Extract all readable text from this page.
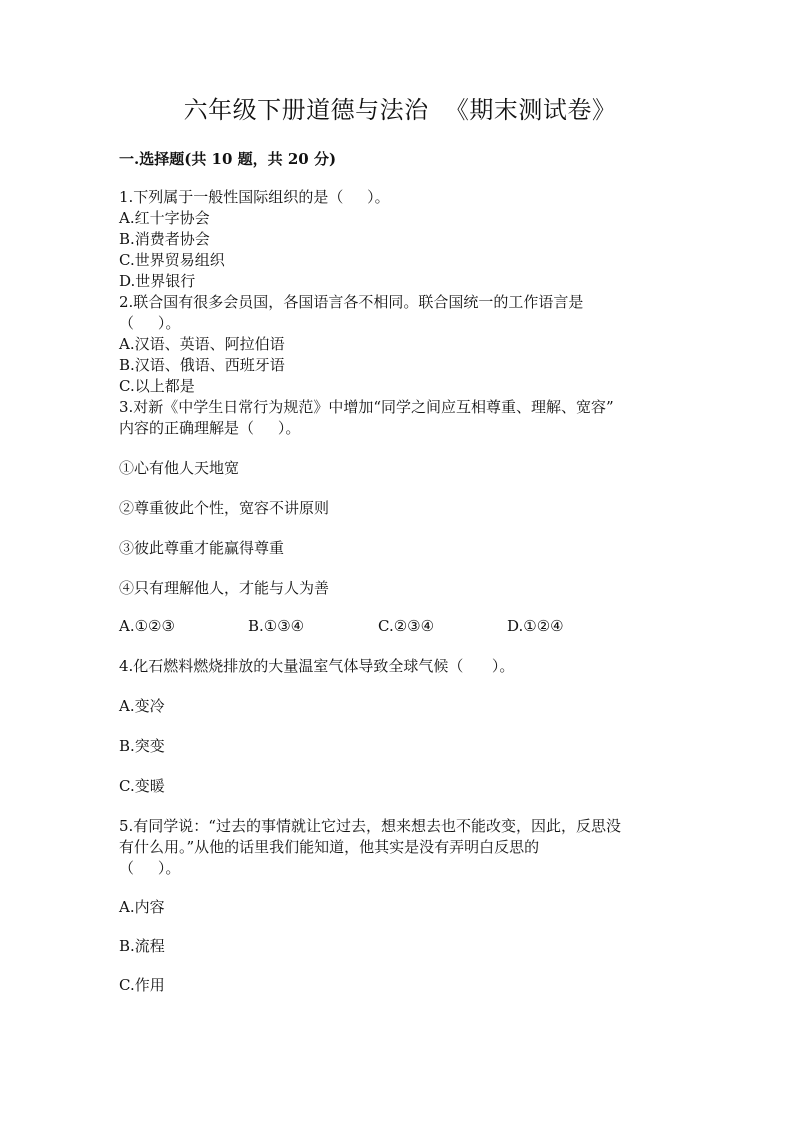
六年级下册道德与法治  《期末测试卷》
一.选择题(共 10 题，共 20 分)
1.下列属于一般性国际组织的是（     ）。
A.红十字协会
B.消费者协会
C.世界贸易组织
D.世界银行
2.联合国有很多会员国，各国语言各不相同。联合国统一的工作语言是
（     ）。
A.汉语、英语、阿拉伯语
B.汉语、俄语、西班牙语
C.以上都是
3.对新《中学生日常行为规范》中增加“同学之间应互相尊重、理解、宽容”
内容的正确理解是（     ）。
①心有他人天地宽
②尊重彼此个性，宽容不讲原则
③彼此尊重才能赢得尊重
④只有理解他人，才能与人为善
A.①②③	B.①③④	C.②③④	D.①②④
4.化石燃料燃烧排放的大量温室气体导致全球气候（      ）。
A.变冷
B.突变
C.变暖
5.有同学说：“过去的事情就让它过去，想来想去也不能改变，因此，反思没
有什么用。”从他的话里我们能知道，他其实是没有弄明白反思的
（     ）。
A.内容
B.流程
C.作用
